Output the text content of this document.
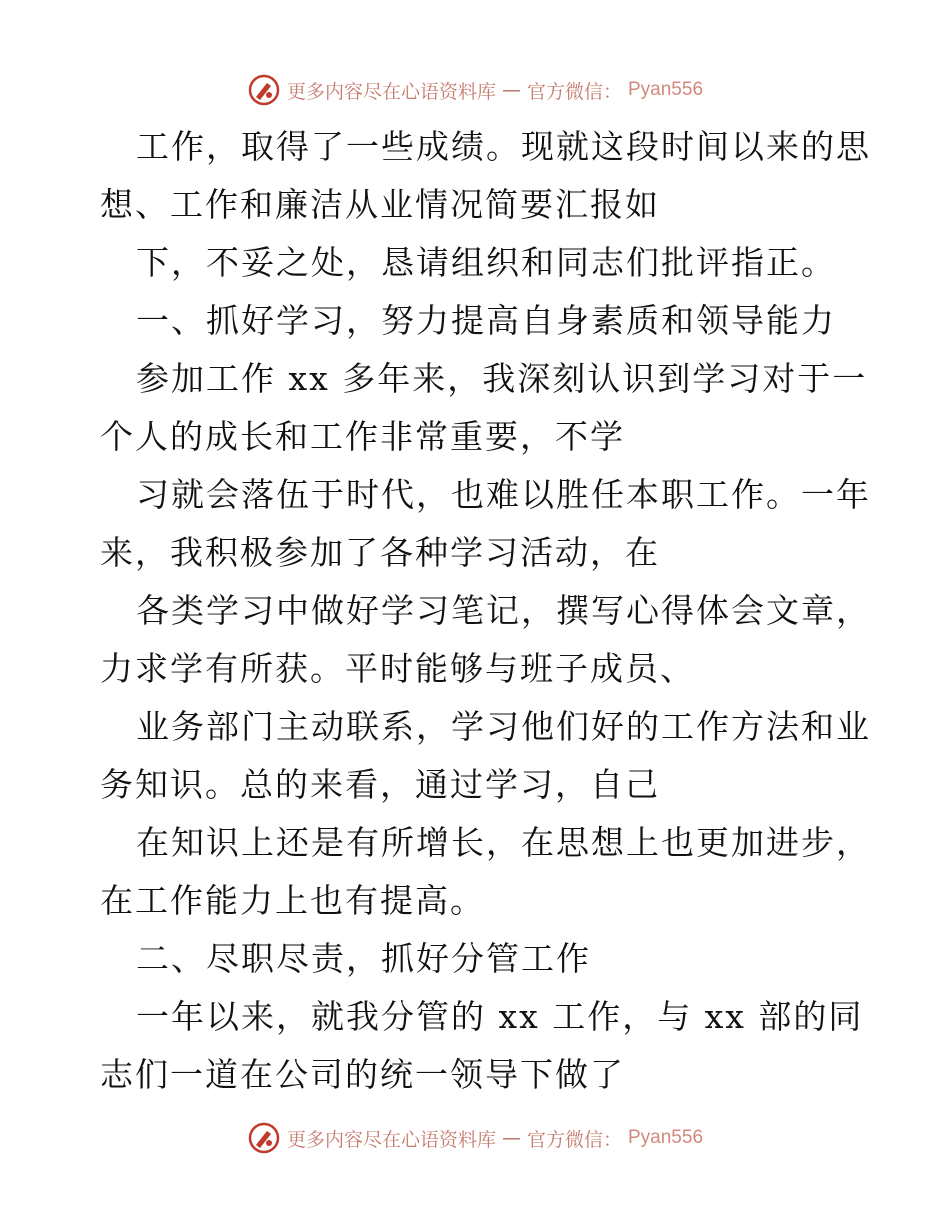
更多内容尽在心语资料库 — 官方微信： Pyan556

工作，取得了一些成绩。现就这段时间以来的思

想、工作和廉洁从业情况简要汇报如

下，不妥之处，恳请组织和同志们批评指正。

一、抓好学习，努力提高自身素质和领导能力

参加工作 xx 多年来，我深刻认识到学习对于一

个人的成长和工作非常重要，不学

习就会落伍于时代，也难以胜任本职工作。一年

来，我积极参加了各种学习活动，在

各类学习中做好学习笔记，撰写心得体会文章，

力求学有所获。平时能够与班子成员、

业务部门主动联系，学习他们好的工作方法和业

务知识。总的来看，通过学习，自己

在知识上还是有所增长，在思想上也更加进步，

在工作能力上也有提高。

二、尽职尽责，抓好分管工作

一年以来，就我分管的 xx 工作，与 xx 部的同

志们一道在公司的统一领导下做了

更多内容尽在心语资料库 — 官方微信： Pyan556
